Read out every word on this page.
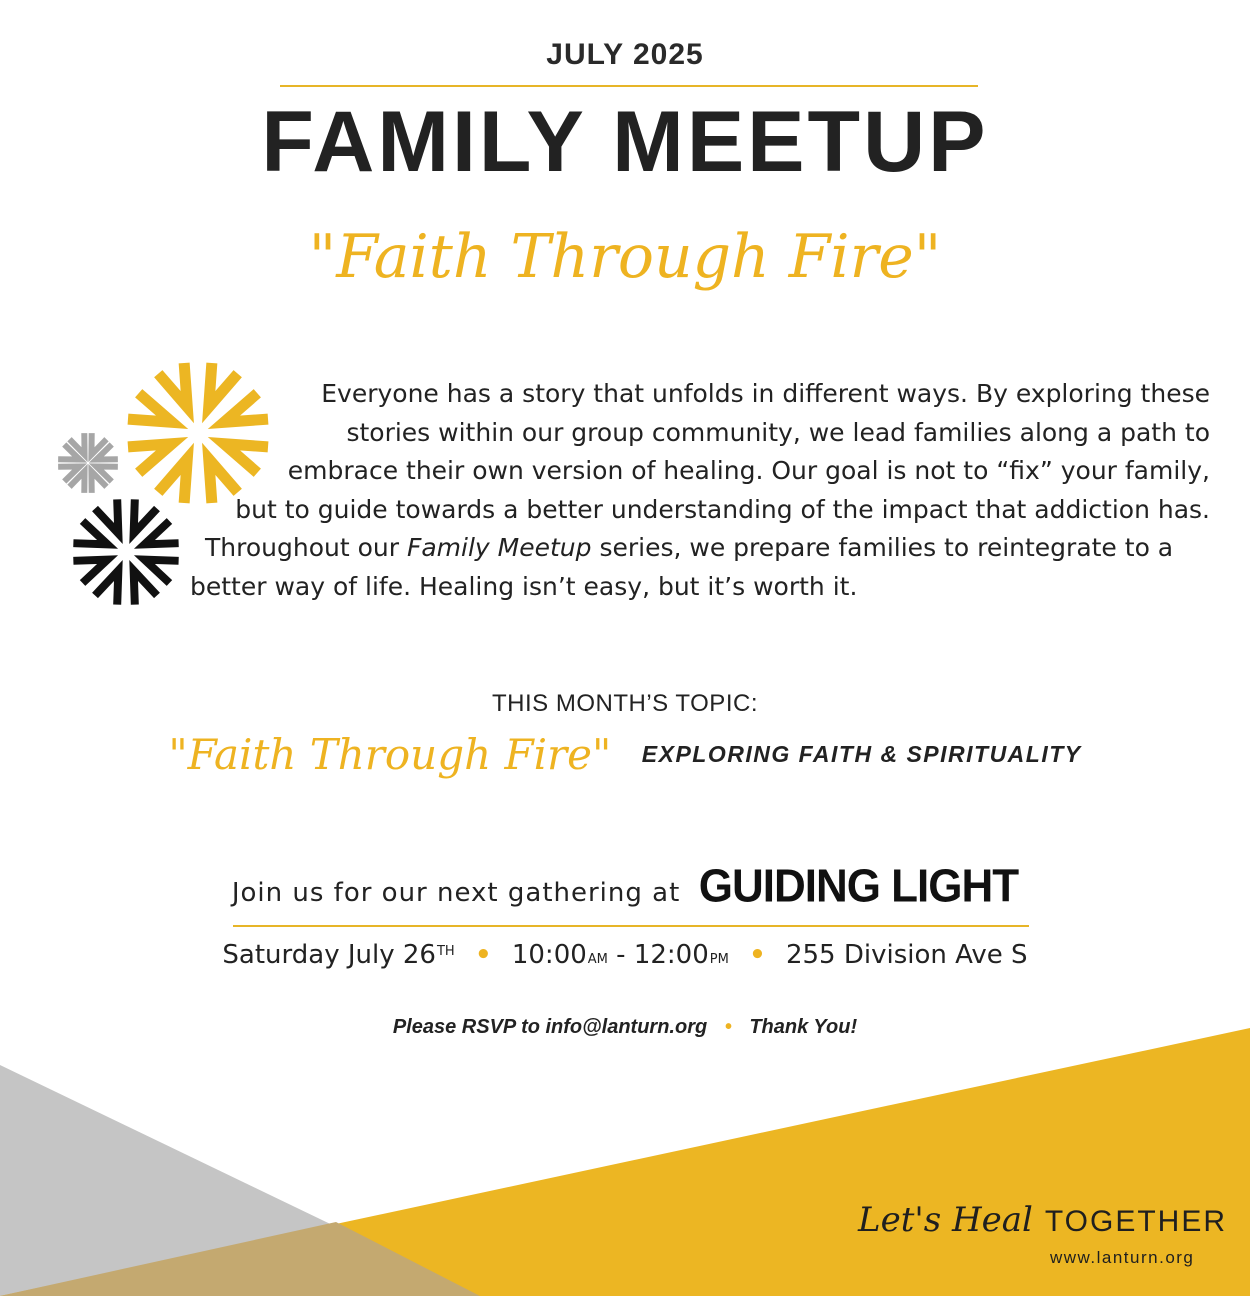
JULY 2025
FAMILY MEETUP
"Faith Through Fire"
Everyone has a story that unfolds in different ways. By exploring these
stories within our group community, we lead families along a path to
embrace their own version of healing. Our goal is not to “fix” your family,
but to guide towards a better understanding of the impact that addiction has.
Throughout our Family Meetup series, we prepare families to reintegrate to a
better way of life. Healing isn’t easy, but it’s worth it.
THIS MONTH’S TOPIC:
"Faith Through Fire" EXPLORING FAITH & SPIRITUALITY
Join us for our next gathering at GUIDING LIGHT
Saturday July 26TH • 10:00AM - 12:00PM • 255 Division Ave S
Please RSVP to info@lanturn.org • Thank You!
Let's Heal TOGETHER
www.lanturn.org
